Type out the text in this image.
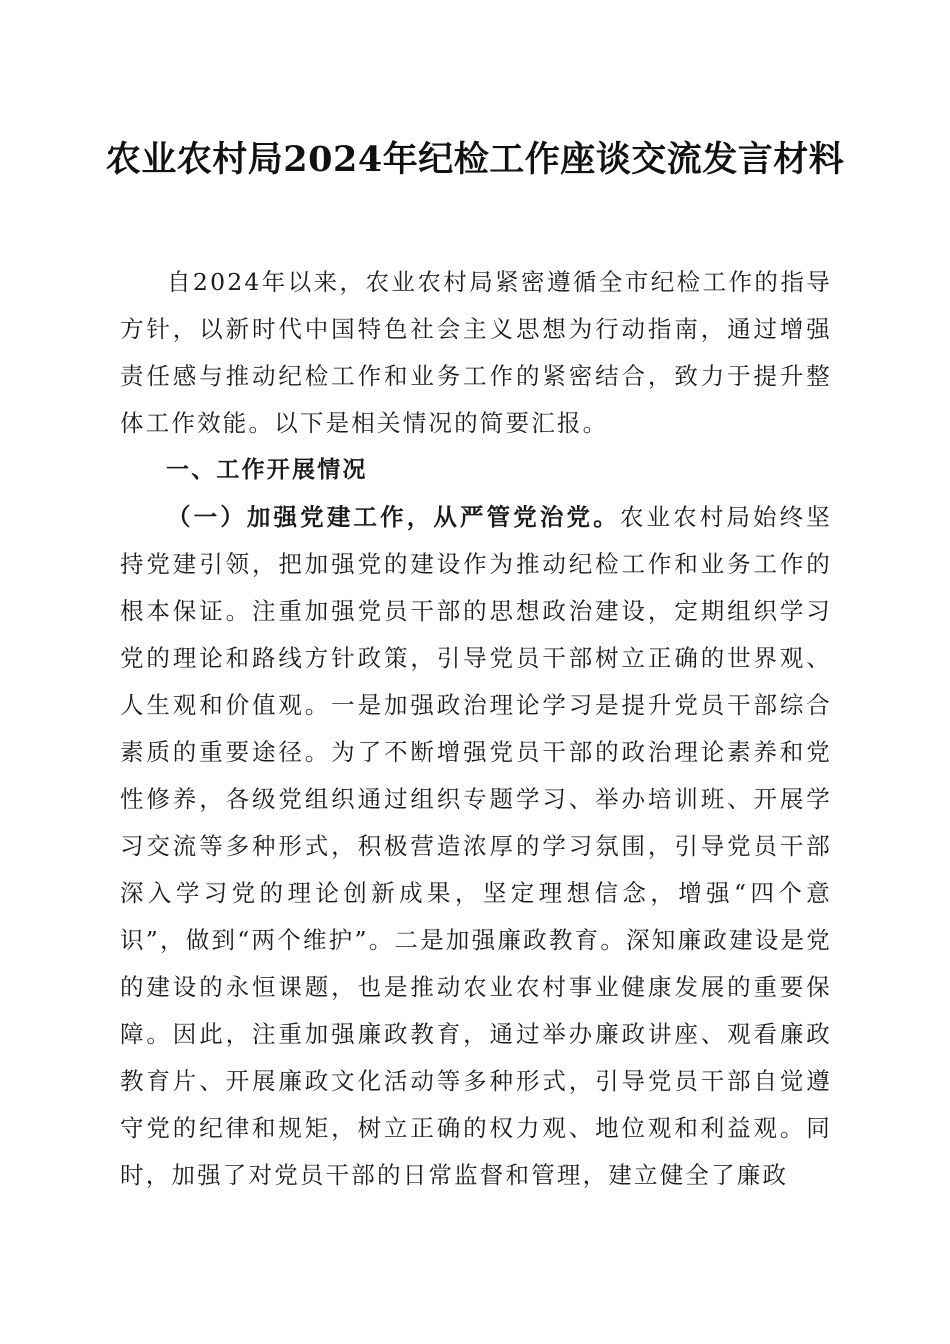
农业农村局2024年纪检工作座谈交流发言材料

自2024年以来，农业农村局紧密遵循全市纪检工作的指导方针，以新时代中国特色社会主义思想为行动指南，通过增强责任感与推动纪检工作和业务工作的紧密结合，致力于提升整体工作效能。以下是相关情况的简要汇报。

一、工作开展情况

（一）加强党建工作，从严管党治党。农业农村局始终坚持党建引领，把加强党的建设作为推动纪检工作和业务工作的根本保证。注重加强党员干部的思想政治建设，定期组织学习党的理论和路线方针政策，引导党员干部树立正确的世界观、人生观和价值观。一是加强政治理论学习是提升党员干部综合素质的重要途径。为了不断增强党员干部的政治理论素养和党性修养，各级党组织通过组织专题学习、举办培训班、开展学习交流等多种形式，积极营造浓厚的学习氛围，引导党员干部深入学习党的理论创新成果，坚定理想信念，增强“四个意识”，做到“两个维护”。二是加强廉政教育。深知廉政建设是党的建设的永恒课题，也是推动农业农村事业健康发展的重要保障。因此，注重加强廉政教育，通过举办廉政讲座、观看廉政教育片、开展廉政文化活动等多种形式，引导党员干部自觉遵守党的纪律和规矩，树立正确的权力观、地位观和利益观。同时，加强了对党员干部的日常监督和管理，建立健全了廉政
